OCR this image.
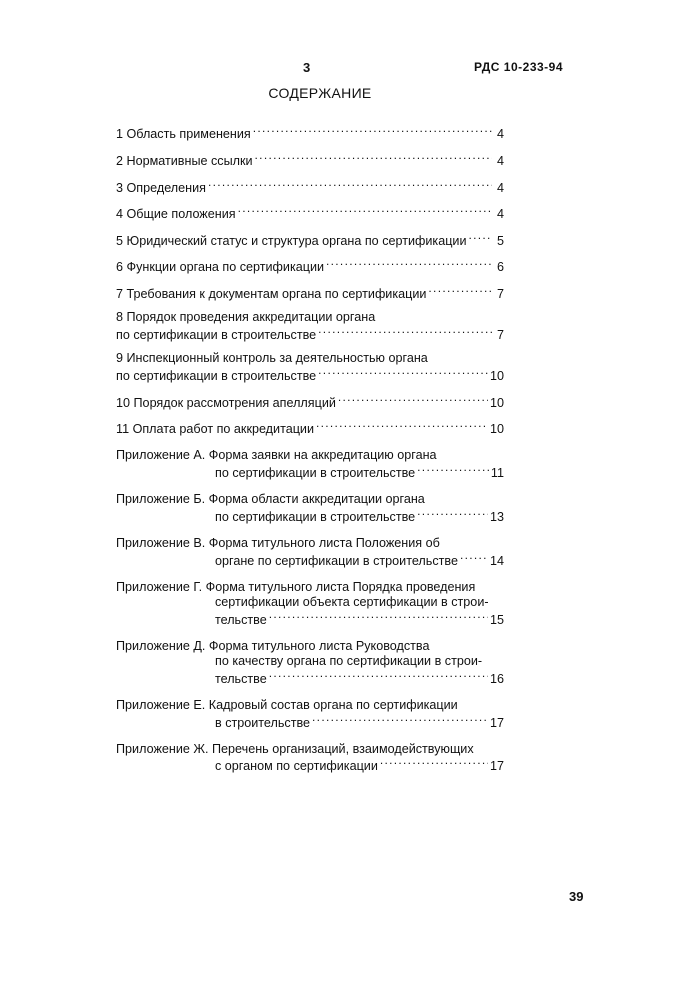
3	РДС 10-233-94
СОДЕРЖАНИЕ
1 Область применения .....	4
2 Нормативные ссылки .....	4
3 Определения .....	4
4 Общие положения .....	4
5 Юридический статус и структура органа по сертификации ..... 5
6 Функции органа по сертификации .....	6
7 Требования к документам органа по сертификации .....	7
8 Порядок проведения аккредитации органа
по сертификации в строительстве .....	7
9 Инспекционный контроль за деятельностью органа
по сертификации в строительстве .....	10
10 Порядок рассмотрения апелляций .....	10
11 Оплата работ по аккредитации .....	10
Приложение А. Форма заявки на аккредитацию органа
по сертификации в строительстве .....	11
Приложение Б. Форма области аккредитации органа
по сертификации в строительстве .....	13
Приложение В. Форма титульного листа Положения об
органе по сертификации в строительстве .....	14
Приложение Г. Форма титульного листа Порядка проведения
сертификации объекта сертификации в строи-
тельстве .....	15
Приложение Д. Форма титульного листа Руководства
по качеству органа по сертификации в строи-
тельстве .....	16
Приложение Е. Кадровый состав органа по сертификации
в строительстве .....	17
Приложение Ж. Перечень организаций, взаимодействующих
с органом по сертификации .....	17
39
